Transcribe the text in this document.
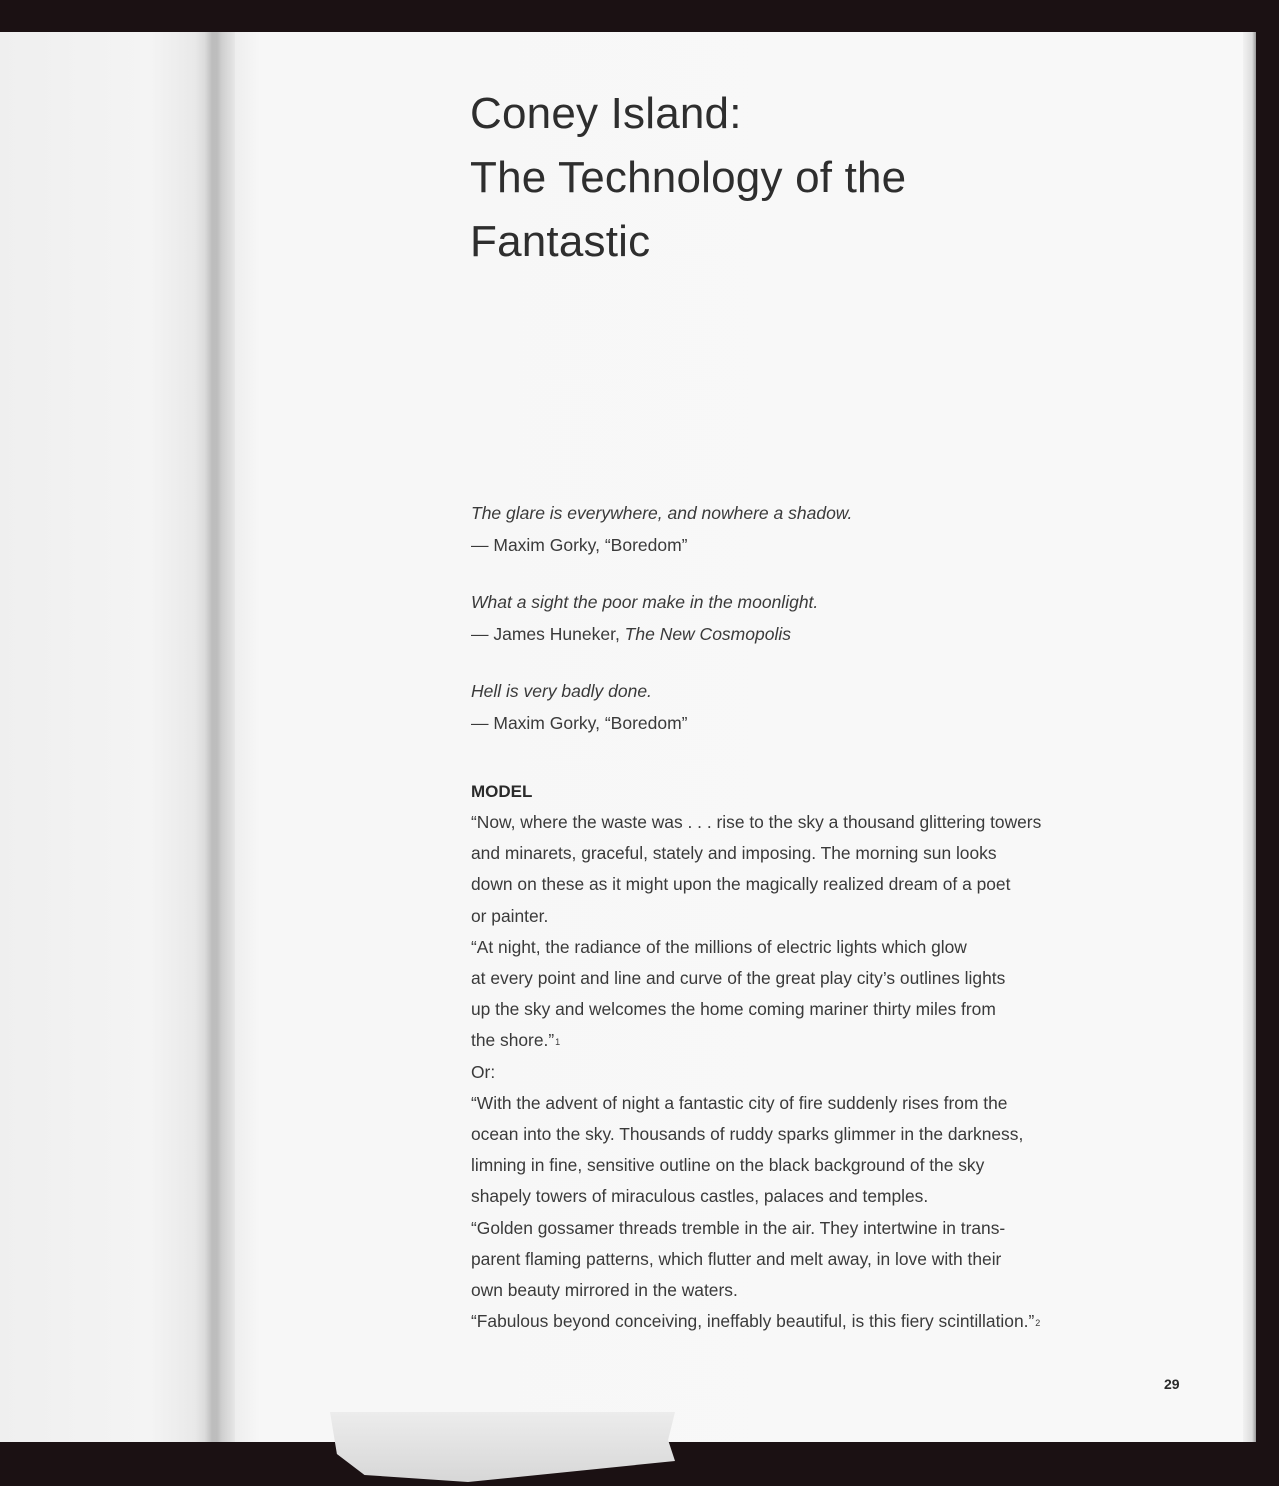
Coney Island:
The Technology of the
Fantastic
The glare is everywhere, and nowhere a shadow.
— Maxim Gorky, “Boredom”
What a sight the poor make in the moonlight.
— James Huneker, The New Cosmopolis
Hell is very badly done.
— Maxim Gorky, “Boredom”
MODEL

“Now, where the waste was . . . rise to the sky a thousand glittering towers
and minarets, graceful, stately and imposing. The morning sun looks
down on these as it might upon the magically realized dream of a poet
or painter.
“At night, the radiance of the millions of electric lights which glow
at every point and line and curve of the great play city’s outlines lights
up the sky and welcomes the home coming mariner thirty miles from
the shore.”$^1$
Or:
“With the advent of night a fantastic city of fire suddenly rises from the
ocean into the sky. Thousands of ruddy sparks glimmer in the darkness,
limning in fine, sensitive outline on the black background of the sky
shapely towers of miraculous castles, palaces and temples.
“Golden gossamer threads tremble in the air. They intertwine in trans-
parent flaming patterns, which flutter and melt away, in love with their
own beauty mirrored in the waters.
“Fabulous beyond conceiving, ineffably beautiful, is this fiery scintillation.”$^2$

29
